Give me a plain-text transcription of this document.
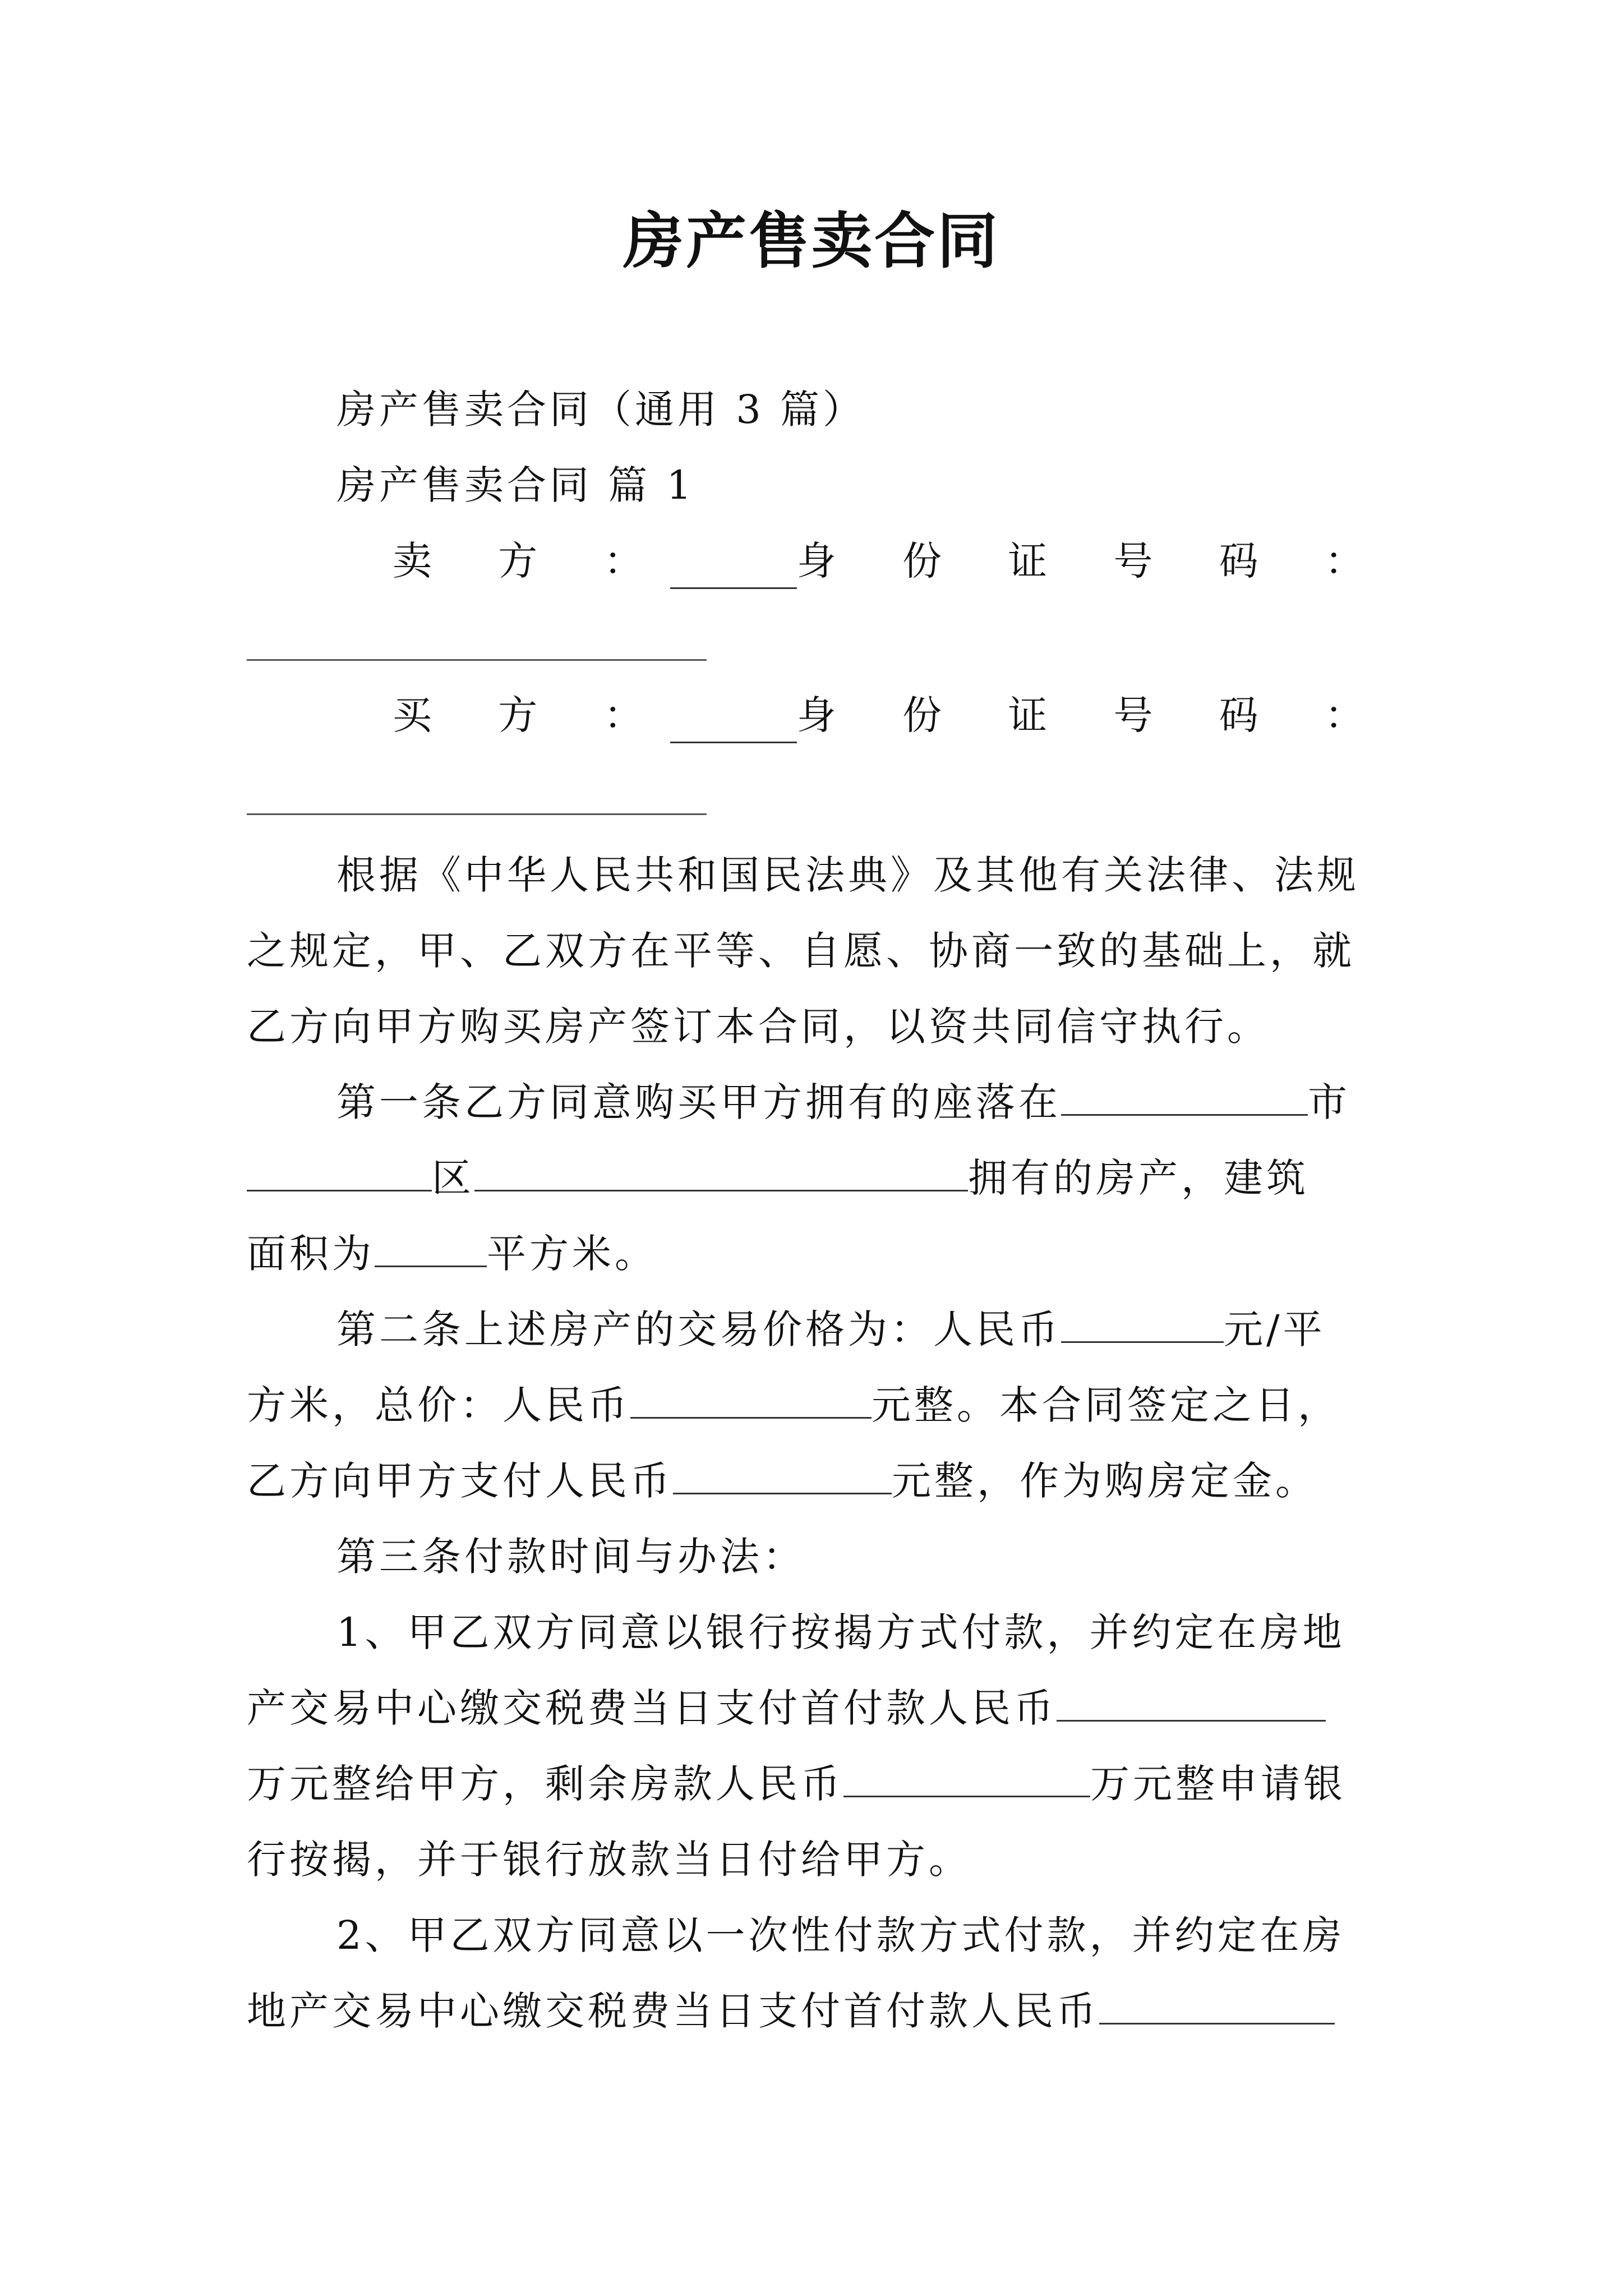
房产售卖合同
房产售卖合同（通用 3 篇）
房产售卖合同 篇 1
卖 方 ：	身 份 证 号 码 ：
买 方 ：	身 份 证 号 码 ：
根据《中华人民共和国民法典》及其他有关法律、法规
之规定，甲、乙双方在平等、自愿、协商一致的基础上，就
乙方向甲方购买房产签订本合同，以资共同信守执行。
第一条乙方同意购买甲方拥有的座落在	市
区	拥有的房产，建筑
面积为	平方米。
第二条上述房产的交易价格为：人民币	元/平
方米，总价：人民币	元整。本合同签定之日，
乙方向甲方支付人民币	元整，作为购房定金。
第三条付款时间与办法：
1、甲乙双方同意以银行按揭方式付款，并约定在房地
产交易中心缴交税费当日支付首付款人民币
万元整给甲方，剩余房款人民币	万元整申请银
行按揭，并于银行放款当日付给甲方。
2、甲乙双方同意以一次性付款方式付款，并约定在房
地产交易中心缴交税费当日支付首付款人民币
